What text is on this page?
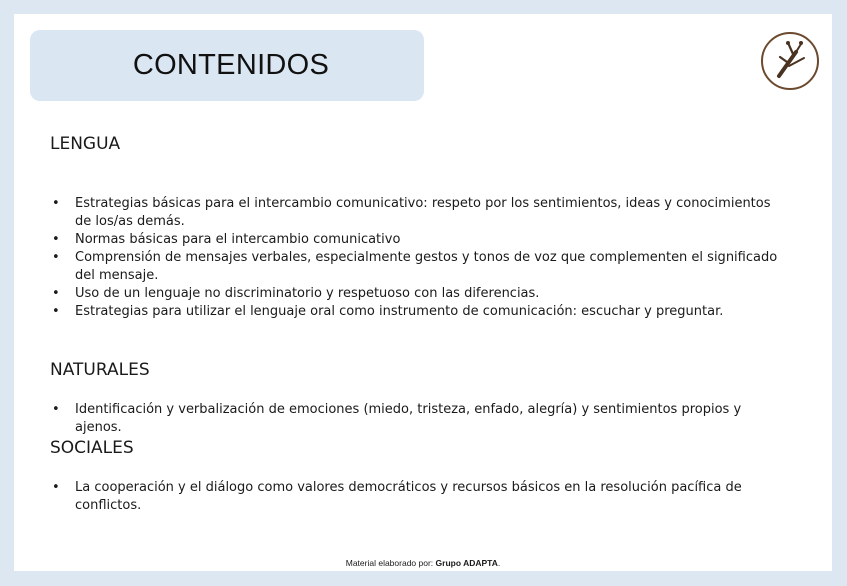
CONTENIDOS
LENGUA
• Estrategias básicas para el intercambio comunicativo: respeto por los sentimientos, ideas y conocimientos de los/as demás.
• Normas básicas para el intercambio comunicativo
• Comprensión de mensajes verbales, especialmente gestos y tonos de voz que complementen el significado del mensaje.
• Uso de un lenguaje no discriminatorio y respetuoso con las diferencias.
• Estrategias para utilizar el lenguaje oral como instrumento de comunicación: escuchar y preguntar.
NATURALES
• Identificación y verbalización de emociones (miedo, tristeza, enfado, alegría) y sentimientos propios y ajenos.
SOCIALES
• La cooperación y el diálogo como valores democráticos y recursos básicos en la resolución pacífica de conflictos.
Material elaborado por: Grupo ADAPTA.
